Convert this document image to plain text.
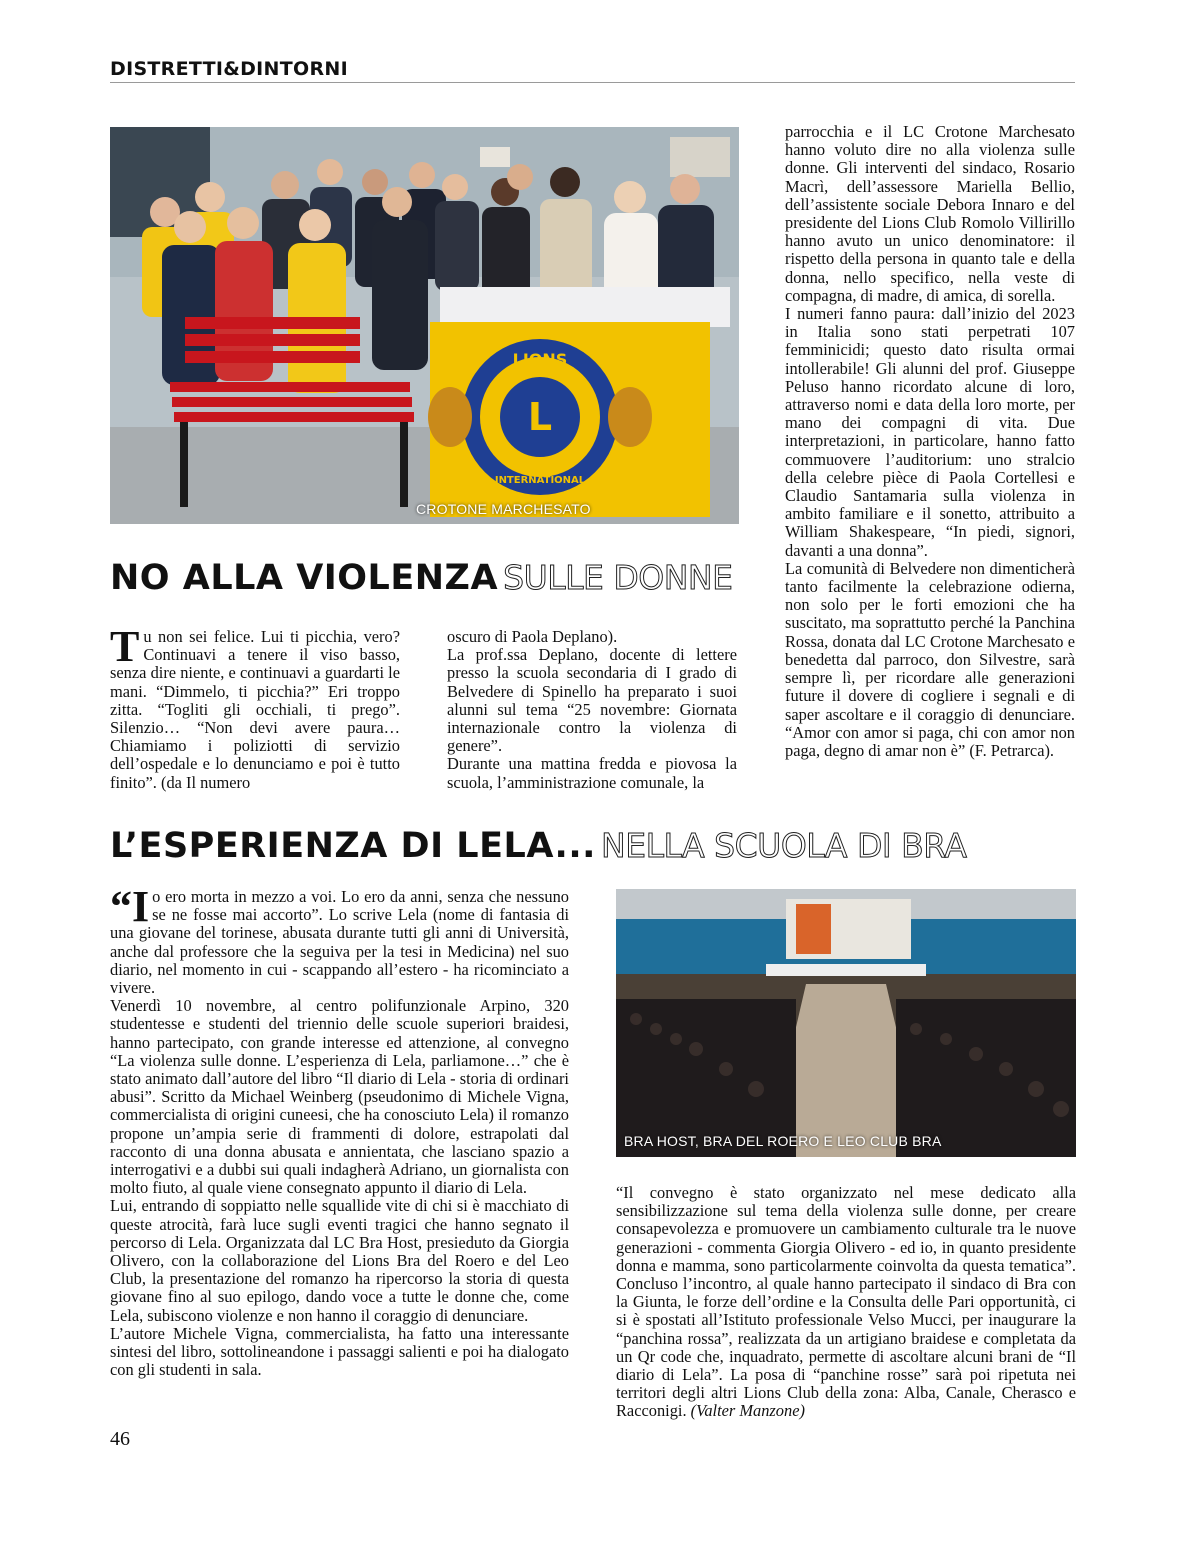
DISTRETTI&DINTORNI
L
LIONS
INTERNATIONAL
CROTONE MARCHESATO
NO ALLA VIOLENZA SULLE DONNE

Tu non sei felice. Lui ti picchia, vero? Continuavi a tenere il viso basso, senza dire niente, e continuavi a guardarti le mani. “Dimmelo, ti picchia?” Eri troppo zitta. “Togliti gli occhiali, ti prego”. Silenzio… “Non devi avere paura… Chiamiamo i poliziotti di servizio dell’ospedale e lo denunciamo e poi è tutto finito”. (da Il numero

oscuro di Paola Deplano).

La prof.ssa Deplano, docente di lettere presso la scuola secondaria di I grado di Belvedere di Spinello ha preparato i suoi alunni sul tema “25 novembre: Giornata internazionale contro la violenza di genere”.

Durante una mattina fredda e piovosa la scuola, l’amministrazione comunale, la

parrocchia e il LC Crotone Marchesato hanno voluto dire no alla violenza sulle donne. Gli interventi del sindaco, Rosario Macrì, dell’assessore Mariella Bellio, dell’assistente sociale Debora Innaro e del presidente del Lions Club Romolo Villirillo hanno avuto un unico denominatore: il rispetto della persona in quanto tale e della donna, nello specifico, nella veste di compagna, di madre, di amica, di sorella.

I numeri fanno paura: dall’inizio del 2023 in Italia sono stati perpetrati 107 femminicidi; questo dato risulta ormai intollerabile! Gli alunni del prof. Giuseppe Peluso hanno ricordato alcune di loro, attraverso nomi e data della loro morte, per mano dei compagni di vita. Due interpretazioni, in particolare, hanno fatto commuovere l’auditorium: uno stralcio della celebre pièce di Paola Cortellesi e Claudio Santamaria sulla violenza in ambito familiare e il sonetto, attribuito a William Shakespeare, “In piedi, signori, davanti a una donna”.

La comunità di Belvedere non dimenticherà tanto facilmente la celebrazione odierna, non solo per le forti emozioni che ha suscitato, ma soprattutto perché la Panchina Rossa, donata dal LC Crotone Marchesato e benedetta dal parroco, don Silvestre, sarà sempre lì, per ricordare alle generazioni future il dovere di cogliere i segnali e di saper ascoltare e il coraggio di denunciare. “Amor con amor si paga, chi con amor non paga, degno di amar non è” (F. Petrarca).

L’ESPERIENZA DI LELA... NELLA SCUOLA DI BRA

“I o ero morta in mezzo a voi. Lo ero da anni, senza che nessuno se ne fosse mai accorto”. Lo scrive Lela (nome di fantasia di una giovane del torinese, abusata durante tutti gli anni di Università, anche dal professore che la seguiva per la tesi in Medicina) nel suo diario, nel momento in cui - scappando all’estero - ha ricominciato a vivere.

Venerdì 10 novembre, al centro polifunzionale Arpino, 320 studentesse e studenti del triennio delle scuole superiori braidesi, hanno partecipato, con grande interesse ed attenzione, al convegno “La violenza sulle donne. L’esperienza di Lela, parliamone…” che è stato animato dall’autore del libro “Il diario di Lela - storia di ordinari abusi”. Scritto da Michael Weinberg (pseudonimo di Michele Vigna, commercialista di origini cuneesi, che ha conosciuto Lela) il romanzo propone un’ampia serie di frammenti di dolore, estrapolati dal racconto di una donna abusata e annientata, che lasciano spazio a interrogativi e a dubbi sui quali indagherà Adriano, un giornalista con molto fiuto, al quale viene consegnato appunto il diario di Lela.

Lui, entrando di soppiatto nelle squallide vite di chi si è macchiato di queste atrocità, farà luce sugli eventi tragici che hanno segnato il percorso di Lela. Organizzata dal LC Bra Host, presieduto da Giorgia Olivero, con la collaborazione del Lions Bra del Roero e del Leo Club, la presentazione del romanzo ha ripercorso la storia di questa giovane fino al suo epilogo, dando voce a tutte le donne che, come Lela, subiscono violenze e non hanno il coraggio di denunciare.

L’autore Michele Vigna, commercialista, ha fatto una interessante sintesi del libro, sottolineandone i passaggi salienti e poi ha dialogato con gli studenti in sala.

BRA HOST, BRA DEL ROERO E LEO CLUB BRA

“Il convegno è stato organizzato nel mese dedicato alla sensibilizzazione sul tema della violenza sulle donne, per creare consapevolezza e promuovere un cambiamento culturale tra le nuove generazioni - commenta Giorgia Olivero - ed io, in quanto presidente donna e mamma, sono particolarmente coinvolta da questa tematica”. Concluso l’incontro, al quale hanno partecipato il sindaco di Bra con la Giunta, le forze dell’ordine e la Consulta delle Pari opportunità, ci si è spostati all’Istituto professionale Velso Mucci, per inaugurare la “panchina rossa”, realizzata da un artigiano braidese e completata da un Qr code che, inquadrato, permette di ascoltare alcuni brani de “Il diario di Lela”. La posa di “panchine rosse” sarà poi ripetuta nei territori degli altri Lions Club della zona: Alba, Canale, Cherasco e Racconigi. (Valter Manzone)

46
